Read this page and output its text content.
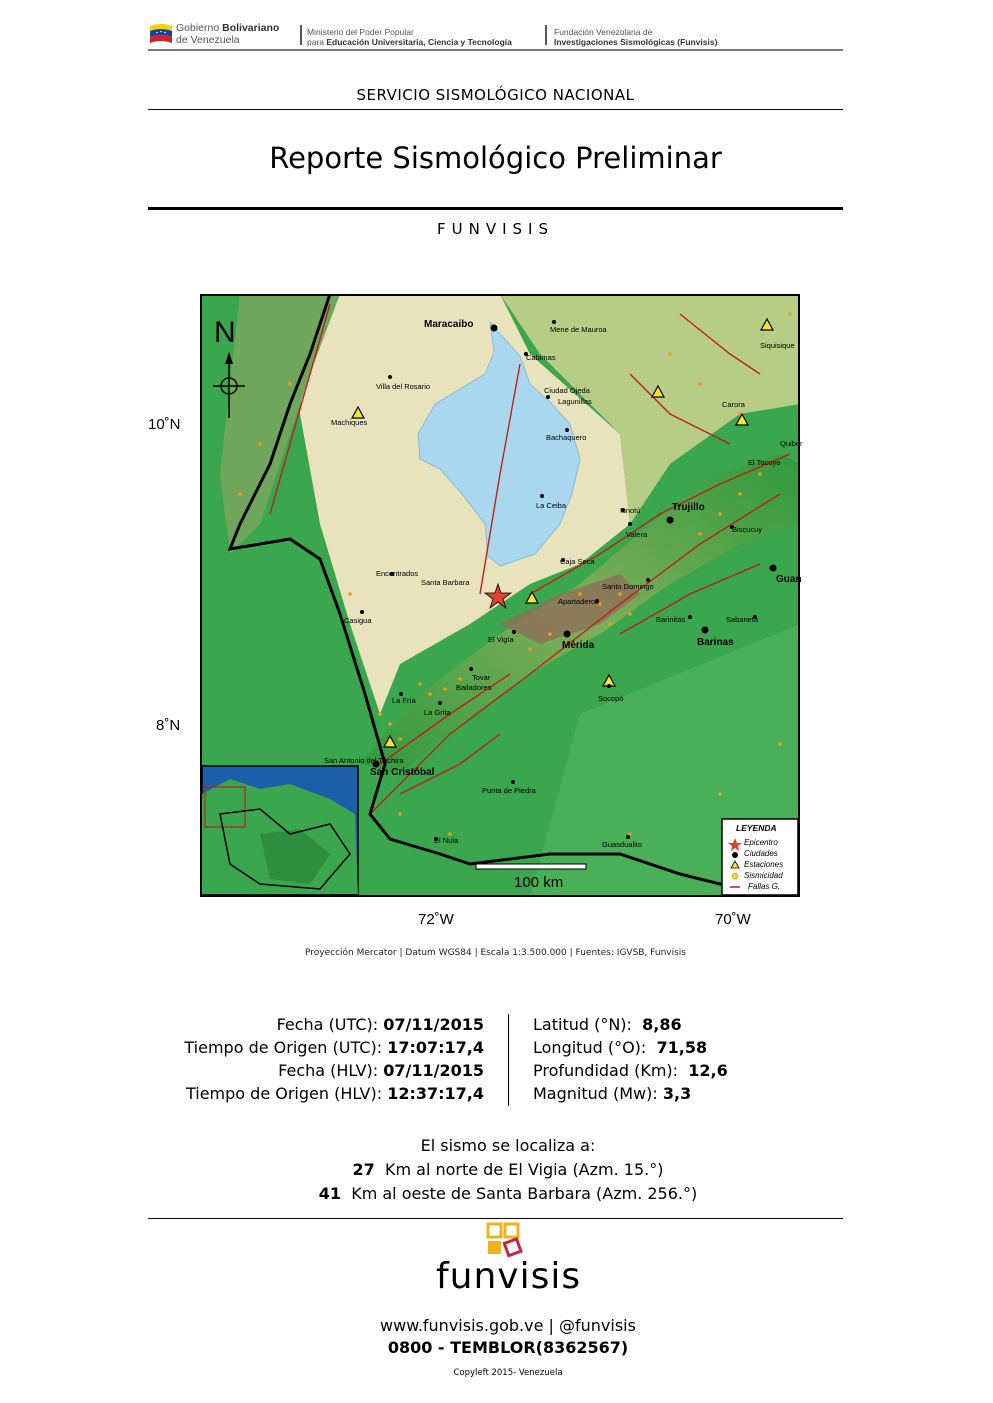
Gobierno Bolivariano
de Venezuela
Ministerio del Poder Popular
para Educación Universitaria, Ciencia y Tecnología
Fundación Venezolana de
Investigaciones Sismológicas (Funvisis)
SERVICIO SISMOLÓGICO NACIONAL
Reporte Sismológico Preliminar
FUNVISIS
N
100 km
Maracaibo
Trujillo
Mérida	Barinas
San Cristóbal
Guan
Mene de Mauroa
Cabimas
Villa del Rosario
Machiques
Ciudad Ojeda
Lagunillas
Bachaquero
Carora
Quibor
El Tocuyo
Siquisique
La Ceiba
Isnotú
Valera
Biscucuy
Caja Seca
Encontrados
Santa Barbara	Santo Domingo
Apartaderos
Barinitas	Sabaneta
Casigua
El Vigía
Tovar
Bailadores
Socopó
La Fría
La Grita
San Antonio del Táchira
Punta de Piedra
El Nula	Guasdualito
LEYENDA
Epicentro
Ciudades
Estaciones
Sismicidad
Fallas G.
10˚N
8˚N
72˚W	70˚W
Proyección Mercator | Datum WGS84 | Escala 1:3.500.000 | Fuentes: IGVSB, Funvisis
Fecha (UTC): 07/11/2015
Tiempo de Origen (UTC): 17:07:17,4
Fecha (HLV): 07/11/2015
Tiempo de Origen (HLV): 12:37:17,4
Latitud (°N):  8,86
Longitud (°O):  71,58
Profundidad (Km):  12,6
Magnitud (Mw): 3,3
El sismo se localiza a:
27 Km al norte de El Vigia (Azm. 15.°)
41 Km al oeste de Santa Barbara (Azm. 256.°)
funvisis
www.funvisis.gob.ve | @funvisis
0800 - TEMBLOR(8362567)
Copyleft 2015- Venezuela
